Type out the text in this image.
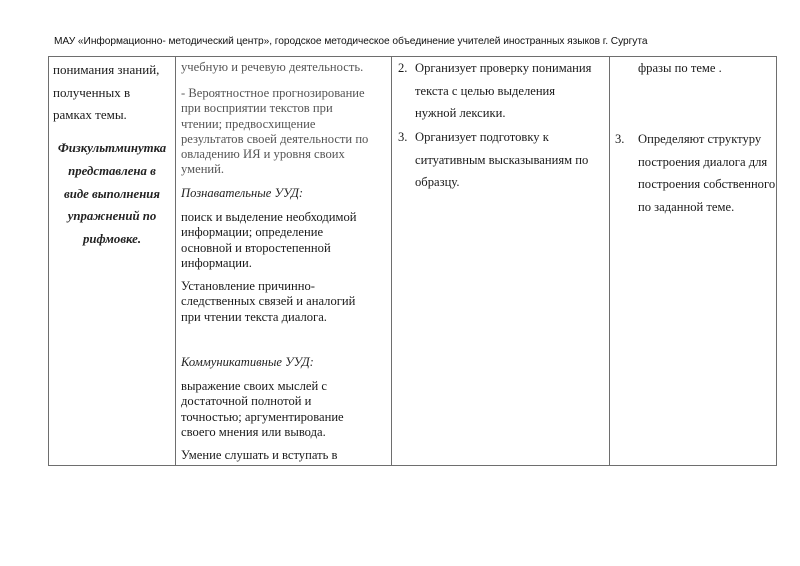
МАУ «Информационно- методический центр», городское методическое объединение учителей иностранных языков г. Сургута
понимания знаний,
полученных в
рамках темы.
Физкультминутка
представлена в
виде выполнения
упражнений по
рифмовке.
учебную и речевую деятельность.
- Вероятностное прогнозирование
при восприятии текстов при
чтении; предвосхищение
результатов своей деятельности по
овладению ИЯ и уровня своих
умений.
Познавательные УУД:
поиск и выделение необходимой
информации; определение
основной и второстепенной
информации.
Установление причинно-
следственных связей и аналогий
при чтении текста диалога.
Коммуникативные УУД:
выражение своих мыслей с
достаточной полнотой и
точностью; аргументирование
своего мнения или вывода.
Умение слушать и вступать в
2. Организует проверку понимания
текста с целью выделения
нужной лексики.
3. Организует подготовку к
ситуативным высказываниям по
образцу.
фразы по теме .
3. Определяют структуру
построения диалога для
построения собственного
по заданной теме.
